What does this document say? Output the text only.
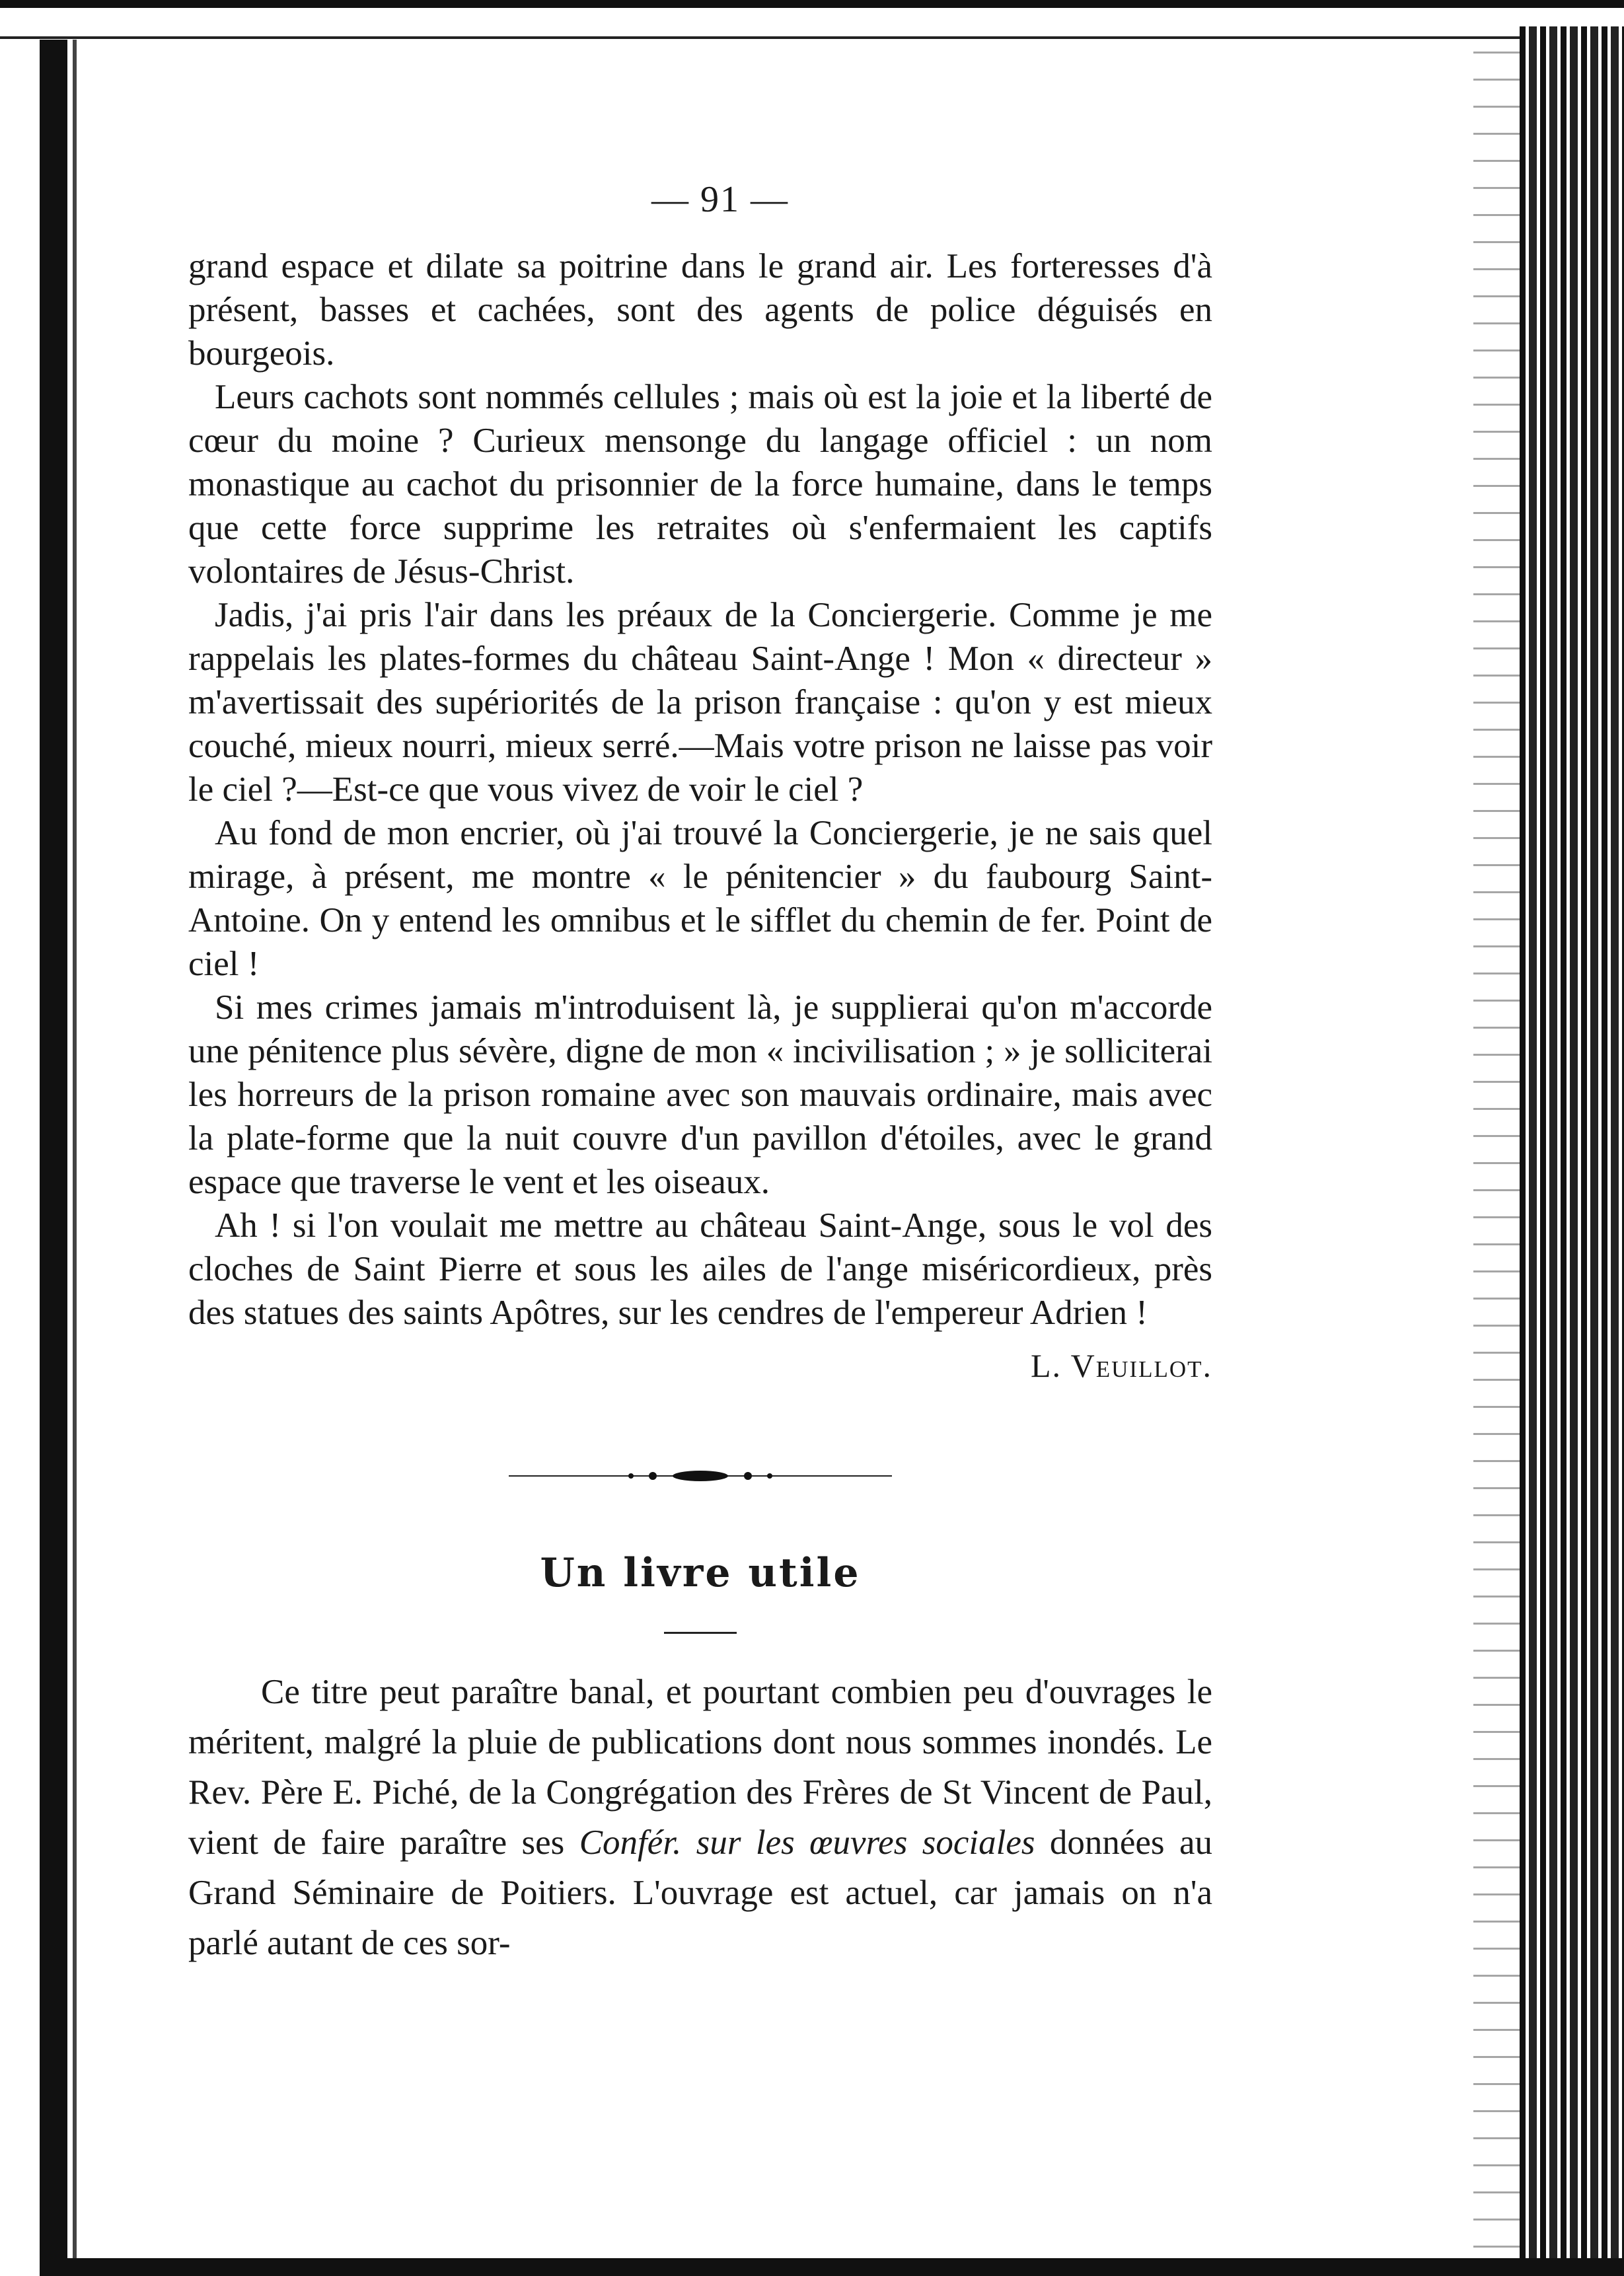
— 91 —

grand espace et dilate sa poitrine dans le grand air. Les forteresses d'à présent, basses et cachées, sont des agents de police déguisés en bourgeois.

Leurs cachots sont nommés cellules ; mais où est la joie et la liberté de cœur du moine ? Curieux mensonge du langage officiel : un nom monastique au cachot du prisonnier de la force humaine, dans le temps que cette force supprime les retraites où s'enfermaient les captifs volontaires de Jésus-Christ.

Jadis, j'ai pris l'air dans les préaux de la Conciergerie. Comme je me rappelais les plates-formes du château Saint-Ange ! Mon « directeur » m'avertissait des supériorités de la prison française : qu'on y est mieux couché, mieux nourri, mieux serré.—Mais votre prison ne laisse pas voir le ciel ?—Est-ce que vous vivez de voir le ciel ?

Au fond de mon encrier, où j'ai trouvé la Conciergerie, je ne sais quel mirage, à présent, me montre « le pénitencier » du faubourg Saint-Antoine. On y entend les omnibus et le sifflet du chemin de fer. Point de ciel !

Si mes crimes jamais m'introduisent là, je supplierai qu'on m'accorde une pénitence plus sévère, digne de mon « incivilisation ; » je solliciterai les horreurs de la prison romaine avec son mauvais ordinaire, mais avec la plate-forme que la nuit couvre d'un pavillon d'étoiles, avec le grand espace que traverse le vent et les oiseaux.

Ah ! si l'on voulait me mettre au château Saint-Ange, sous le vol des cloches de Saint Pierre et sous les ailes de l'ange miséricordieux, près des statues des saints Apôtres, sur les cendres de l'empereur Adrien !

L. Veuillot.
Un livre utile

Ce titre peut paraître banal, et pourtant combien peu d'ouvrages le méritent, malgré la pluie de publications dont nous sommes inondés. Le Rev. Père E. Piché, de la Congrégation des Frères de St Vincent de Paul, vient de faire paraître ses Confér. sur les œuvres sociales données au Grand Séminaire de Poitiers. L'ouvrage est actuel, car jamais on n'a parlé autant de ces sor-
